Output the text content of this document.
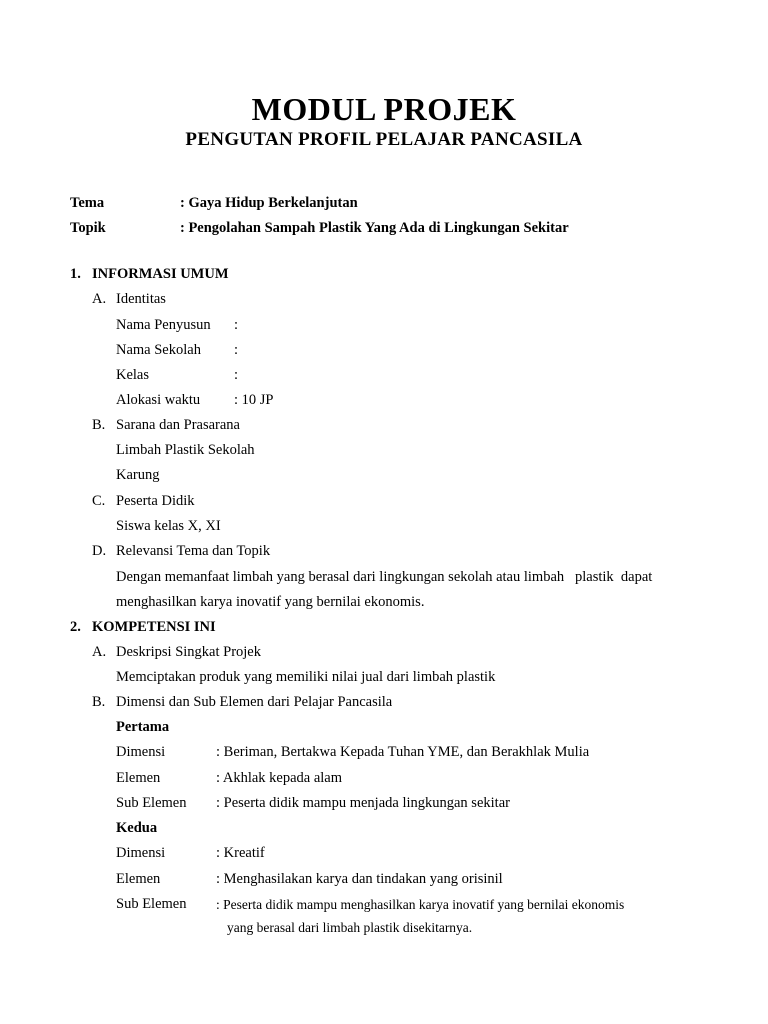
MODUL PROJEK
PENGUTAN PROFIL PELAJAR PANCASILA
Tema	: Gaya Hidup Berkelanjutan
Topik	: Pengolahan Sampah Plastik Yang Ada di Lingkungan Sekitar
1. INFORMASI UMUM
A. Identitas
Nama Penyusun :
Nama Sekolah :
Kelas	:
Alokasi waktu : 10 JP
B. Sarana dan Prasarana
Limbah Plastik Sekolah
Karung
C. Peserta Didik
Siswa kelas X, XI
D. Relevansi Tema dan Topik
Dengan memanfaat limbah yang berasal dari lingkungan sekolah atau limbah   plastik  dapat
menghasilkan karya inovatif yang bernilai ekonomis.
2. KOMPETENSI INI
A. Deskripsi Singkat Projek
Memciptakan produk yang memiliki nilai jual dari limbah plastik
B. Dimensi dan Sub Elemen dari Pelajar Pancasila
Pertama
Dimensi	: Beriman, Bertakwa Kepada Tuhan YME, dan Berakhlak Mulia
Elemen	: Akhlak kepada alam
Sub Elemen : Peserta didik mampu menjada lingkungan sekitar
Kedua
Dimensi	: Kreatif
Elemen	: Menghasilakan karya dan tindakan yang orisinil
Sub Elemen : Peserta didik mampu menghasilkan karya inovatif yang bernilai ekonomis
yang berasal dari limbah plastik disekitarnya.
